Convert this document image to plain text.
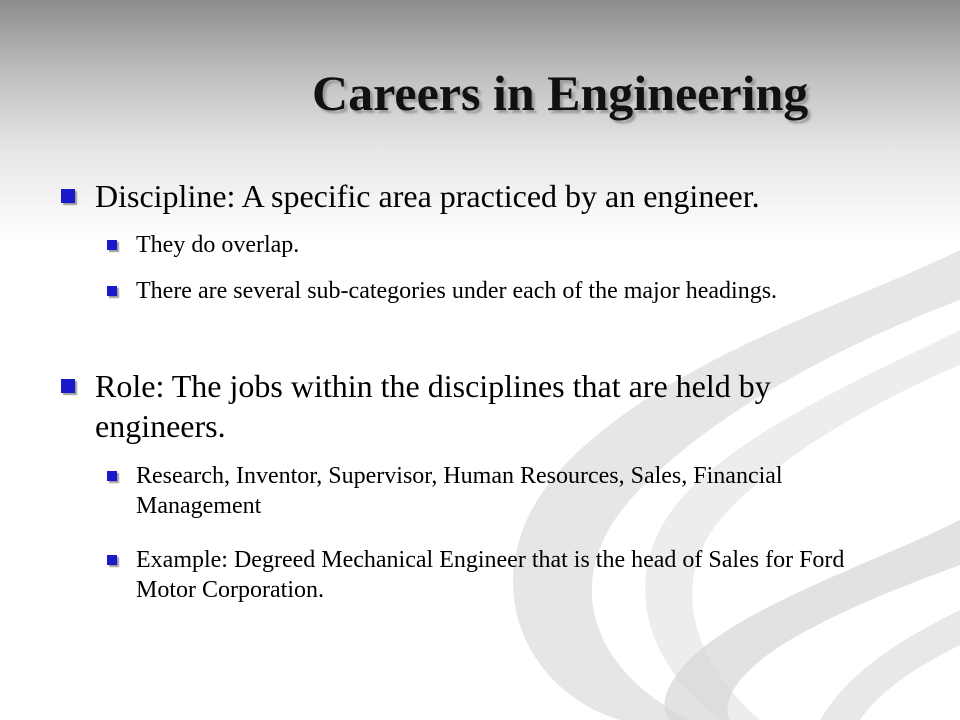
Careers in Engineering
Discipline: A specific area practiced by an engineer.
They do overlap.
There are several sub-categories under each of the major headings.
Role: The jobs within the disciplines that are held by engineers.
Research, Inventor, Supervisor, Human Resources, Sales, Financial Management
Example: Degreed Mechanical Engineer that is the head of Sales for Ford Motor Corporation.
